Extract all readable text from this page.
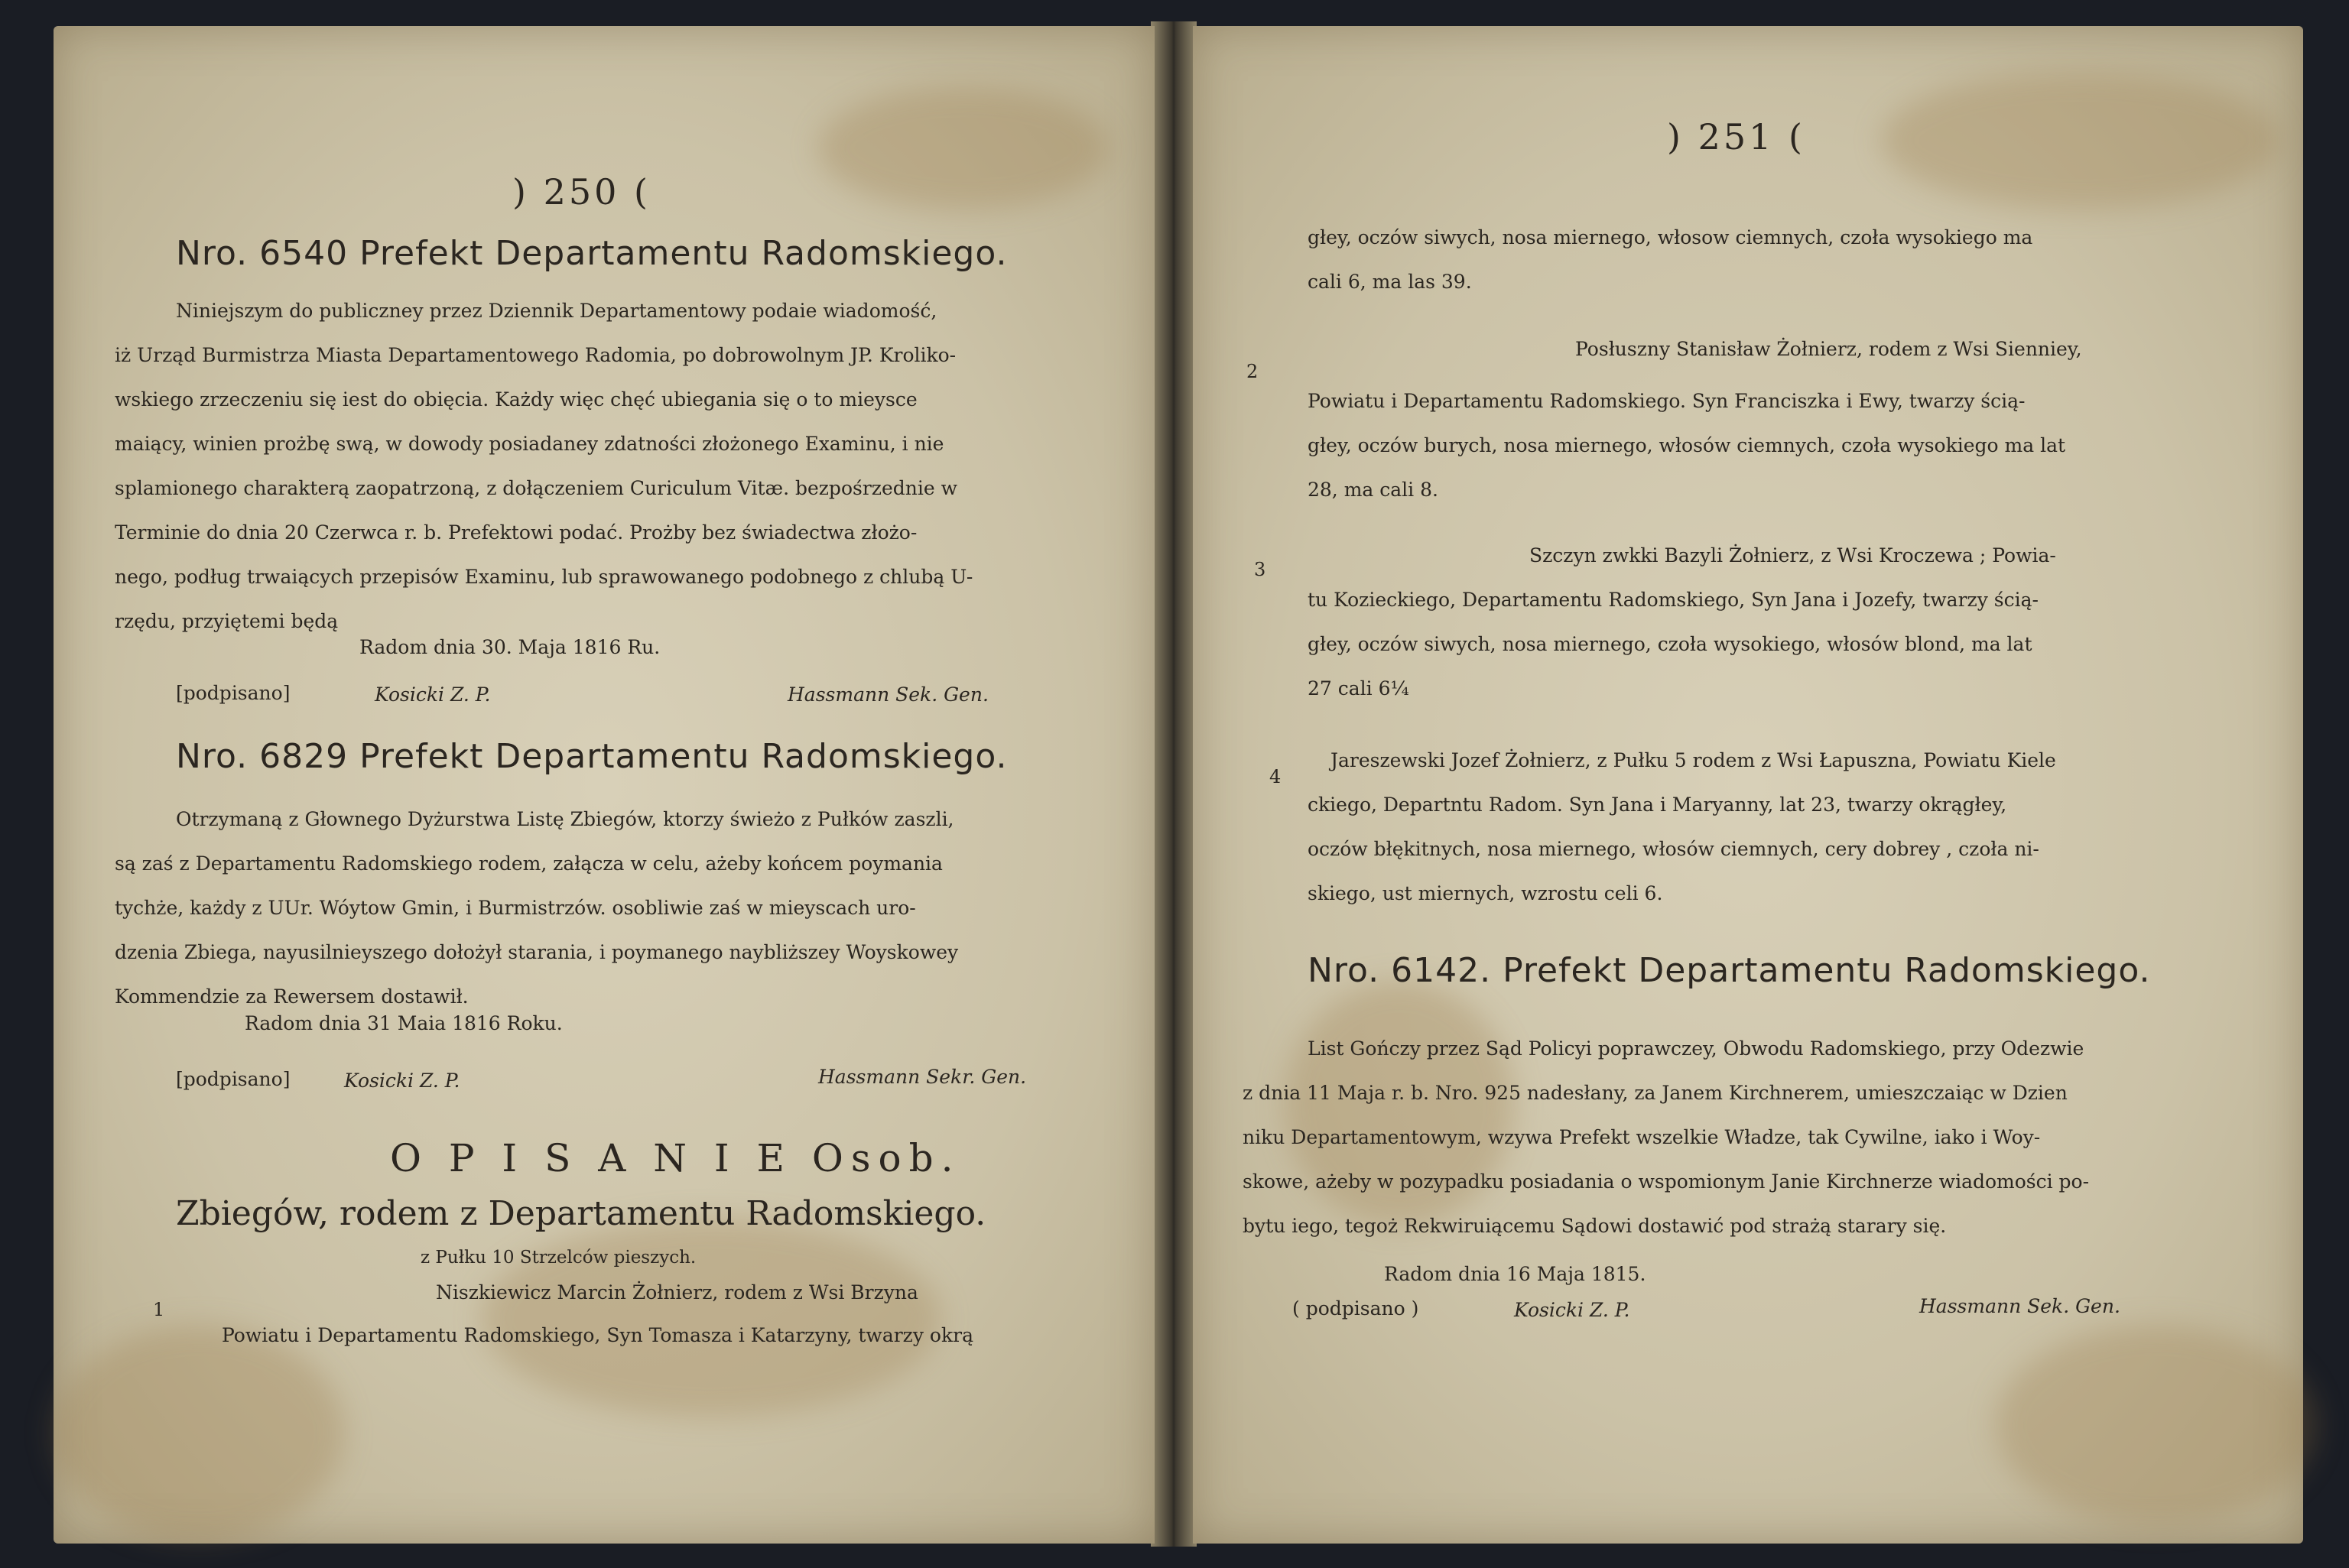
) 250 (
Nro. 6540 Prefekt Departamentu Radomskiego.
Niniejszym do publiczney przez Dziennik Departamentowy podaie wiadomość,
iż Urząd Burmistrza Miasta Departamentowego Radomia, po dobrowolnym JP. Kroliko-
wskiego zrzeczeniu się iest do obięcia. Każdy więc chęć ubiegania się o to mieysce
maiący, winien prożbę swą, w dowody posiadaney zdatności złożonego Examinu, i nie
splamionego charakterą zaopatrzoną, z dołączeniem Curiculum Vitæ. bezpośrzednie w
Terminie do dnia 20 Czerwca r. b. Prefektowi podać. Prożby bez świadectwa złożo-
nego, podług trwaiących przepisów Examinu, lub sprawowanego podobnego z chlubą U-
rzędu, przyiętemi będą
Radom dnia 30. Maja 1816 Ru.
[podpisano]	Kosicki Z. P.	Hassmann Sek. Gen.
Nro. 6829 Prefekt Departamentu Radomskiego.
Otrzymaną z Głownego Dyżurstwa Listę Zbiegów, ktorzy świeżo z Pułków zaszli,
są zaś z Departamentu Radomskiego rodem, załącza w celu, ażeby końcem poymania
tychże, każdy z UUr. Wóytow Gmin, i Burmistrzów. osobliwie zaś w mieyscach uro-
dzenia Zbiega, nayusilnieyszego dołożył starania, i poymanego naybliższey Woyskowey
Kommendzie za Rewersem dostawił.
Radom dnia 31 Maia 1816 Roku.
[podpisano]	Kosicki Z. P.	Hassmann Sekr. Gen.
O P I S A N I E Osob.
Zbiegów, rodem z Departamentu Radomskiego.
z Pułku 10 Strzelców pieszych.
1
Niszkiewicz Marcin Żołnierz, rodem z Wsi Brzyna
Powiatu i Departamentu Radomskiego, Syn Tomasza i Katarzyny, twarzy okrą
) 251 (
głey, oczów siwych, nosa miernego, włosow ciemnych, czoła wysokiego ma
cali 6, ma las 39.
2
Posłuszny Stanisław Żołnierz, rodem z Wsi Sienniey,
Powiatu i Departamentu Radomskiego. Syn Franciszka i Ewy, twarzy ścią-
głey, oczów burych, nosa miernego, włosów ciemnych, czoła wysokiego ma lat
28, ma cali 8.
3
Szczyn zwkki Bazyli Żołnierz, z Wsi Kroczewa ; Powia-
tu Kozieckiego, Departamentu Radomskiego, Syn Jana i Jozefy, twarzy ścią-
głey, oczów siwych, nosa miernego, czoła wysokiego, włosów blond, ma lat
27 cali 6¼
4
Jareszewski Jozef Żołnierz, z Pułku 5 rodem z Wsi Łapuszna, Powiatu Kiele
ckiego, Departntu Radom. Syn Jana i Maryanny, lat 23, twarzy okrągłey,
oczów błękitnych, nosa miernego, włosów ciemnych, cery dobrey , czoła ni-
skiego, ust miernych, wzrostu celi 6.
Nro. 6142. Prefekt Departamentu Radomskiego.
List Gończy przez Sąd Policyi poprawczey, Obwodu Radomskiego, przy Odezwie
z dnia 11 Maja r. b. Nro. 925 nadesłany, za Janem Kirchnerem, umieszczaiąc w Dzien
niku Departamentowym, wzywa Prefekt wszelkie Władze, tak Cywilne, iako i Woy-
skowe, ażeby w pozypadku posiadania o wspomionym Janie Kirchnerze wiadomości po-
bytu iego, tegoż Rekwiruiącemu Sądowi dostawić pod strażą starary się.
Radom dnia 16 Maja 1815.
( podpisano )	Kosicki Z. P.	Hassmann Sek. Gen.
